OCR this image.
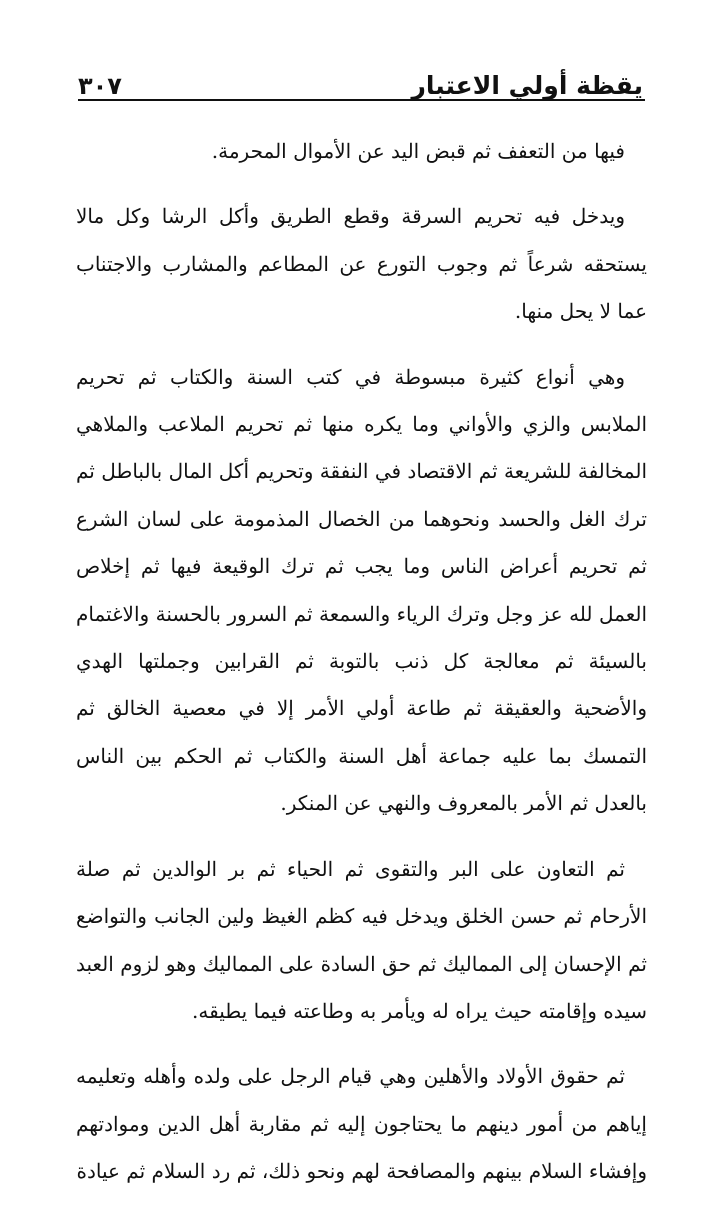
يقظة أولي الاعتبار
٣٠٧

فيها من التعفف ثم قبض اليد عن الأموال المحرمة.

ويدخل فيه تحريم السرقة وقطع الطريق وأكل الرشا وكل مالا يستحقه شرعاً ثم وجوب التورع عن المطاعم والمشارب والاجتناب عما لا يحل منها.

وهي أنواع كثيرة مبسوطة في كتب السنة والكتاب ثم تحريم الملابس والزي والأواني وما يكره منها ثم تحريم الملاعب والملاهي المخالفة للشريعة ثم الاقتصاد في النفقة وتحريم أكل المال بالباطل ثم ترك الغل والحسد ونحوهما من الخصال المذمومة على لسان الشرع ثم تحريم أعراض الناس وما يجب ثم ترك الوقيعة فيها ثم إخلاص العمل لله عز وجل وترك الرياء والسمعة ثم السرور بالحسنة والاغتمام بالسيئة ثم معالجة كل ذنب بالتوبة ثم القرابين وجملتها الهدي والأضحية والعقيقة ثم طاعة أولي الأمر إلا في معصية الخالق ثم التمسك بما عليه جماعة أهل السنة والكتاب ثم الحكم بين الناس بالعدل ثم الأمر بالمعروف والنهي عن المنكر.

ثم التعاون على البر والتقوى ثم الحياء ثم بر الوالدين ثم صلة الأرحام ثم حسن الخلق ويدخل فيه كظم الغيظ ولين الجانب والتواضع ثم الإحسان إلى المماليك ثم حق السادة على المماليك وهو لزوم العبد سيده وإقامته حيث يراه له ويأمر به وطاعته فيما يطيقه.

ثم حقوق الأولاد والأهلين وهي قيام الرجل على ولده وأهله وتعليمه إياهم من أمور دينهم ما يحتاجون إليه ثم مقاربة أهل الدين وموادتهم وإفشاء السلام بينهم والمصافحة لهم ونحو ذلك، ثم رد السلام ثم عيادة
